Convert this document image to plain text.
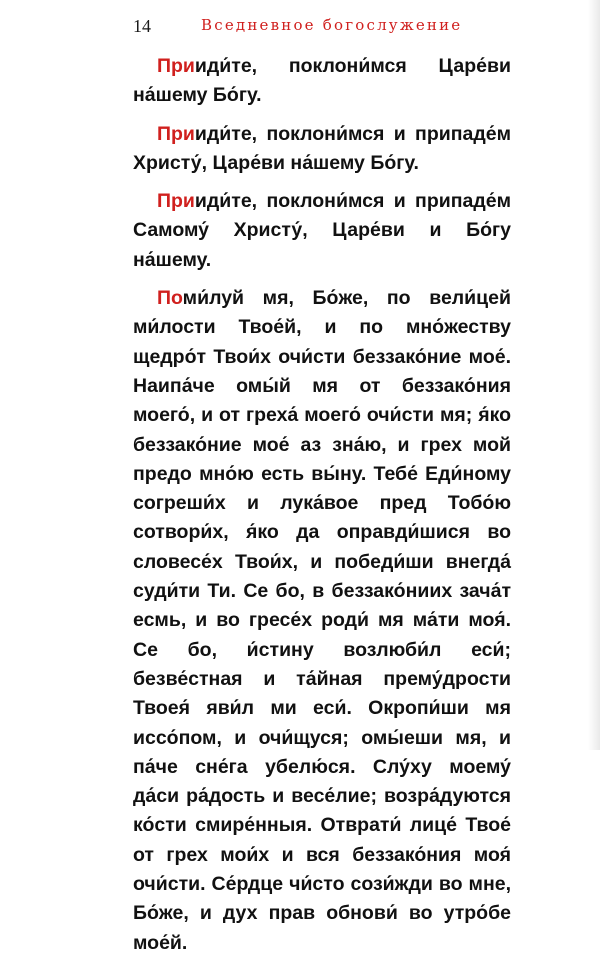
14	Вседневное богослужение

Прииди́те, поклони́мся Царе́ви на́шему Бо́гу.

Прииди́те, поклони́мся и припаде́м Христу́, Царе́ви на́шему Бо́гу.

Прииди́те, поклони́мся и припаде́м Самому́ Христу́, Царе́ви и Бо́гу на́шему.

Поми́луй мя, Бо́же, по вели́цей ми́лости Твое́й, и по мно́жеству щедро́т Твои́х очи́сти беззако́ние мое́. Наипа́че омы́й мя от беззако́ния моего́, и от греха́ моего́ очи́сти мя; я́ко беззако́ние мое́ аз зна́ю, и грех мой предо мно́ю есть вы́ну. Тебе́ Еди́ному согреши́х и лука́вое пред Тобо́ю сотвори́х, я́ко да оправди́шися во словесе́х Твои́х, и победи́ши внегда́ суди́ти Ти. Се бо, в беззако́ниих зача́т есмь, и во гресе́х роди́ мя ма́ти моя́. Се бо, и́стину возлюби́л еси́; безве́стная и та́йная прему́дрости Твоея́ яви́л ми еси́. Окропи́ши мя иссо́пом, и очи́щуся; омы́еши мя, и па́че сне́га убелю́ся. Слу́ху моему́ да́си ра́дость и весе́лие; возра́дуются ко́сти смире́нныя. Отврати́ лице́ Твое́ от грех мои́х и вся беззако́ния моя́ очи́сти. Се́рдце чи́сто сози́жди во мне, Бо́же, и дух прав обнови́ во утро́бе мое́й.
